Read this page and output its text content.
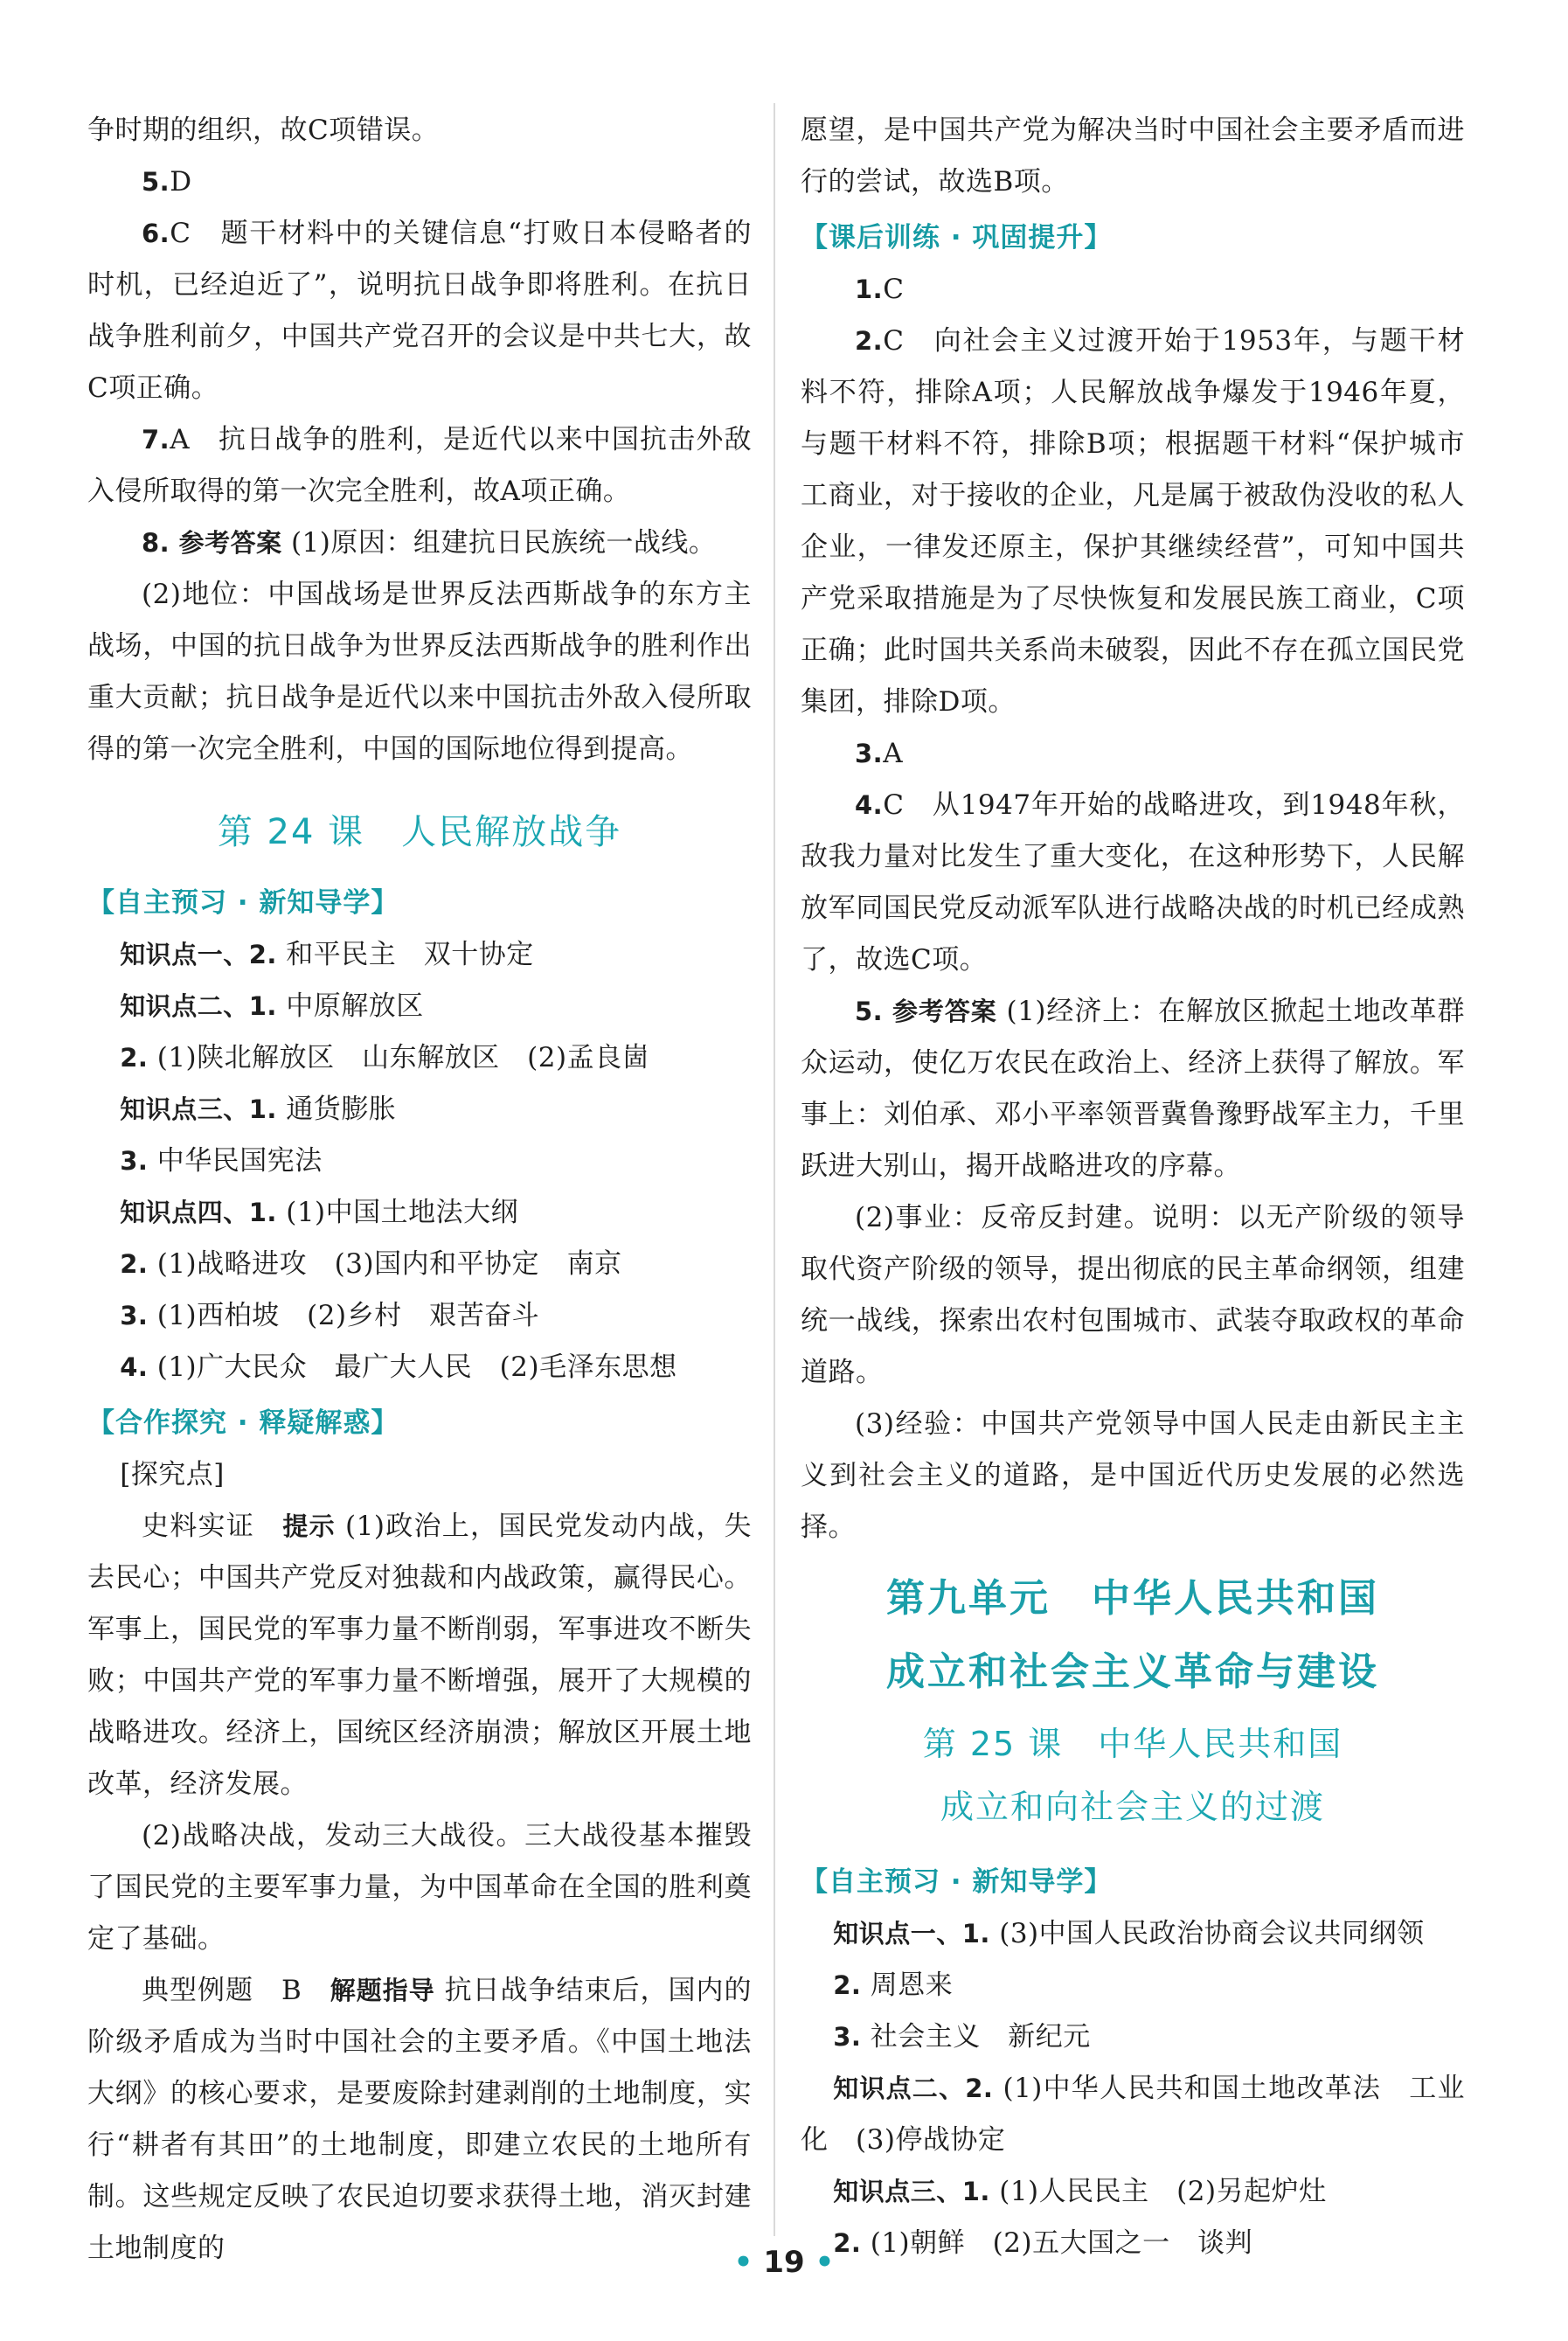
争时期的组织，故C项错误。

5.D

6.C　题干材料中的关键信息“打败日本侵略者的时机，已经迫近了”，说明抗日战争即将胜利。在抗日战争胜利前夕，中国共产党召开的会议是中共七大，故C项正确。

7.A　抗日战争的胜利，是近代以来中国抗击外敌入侵所取得的第一次完全胜利，故A项正确。

8. 参考答案 (1)原因：组建抗日民族统一战线。

(2)地位：中国战场是世界反法西斯战争的东方主战场，中国的抗日战争为世界反法西斯战争的胜利作出重大贡献；抗日战争是近代以来中国抗击外敌入侵所取得的第一次完全胜利，中国的国际地位得到提高。

第 24 课　人民解放战争
【自主预习 · 新知导学】

知识点一、2. 和平民主　双十协定

知识点二、1. 中原解放区

2. (1)陕北解放区　山东解放区　(2)孟良崮

知识点三、1. 通货膨胀

3. 中华民国宪法

知识点四、1. (1)中国土地法大纲

2. (1)战略进攻　(3)国内和平协定　南京

3. (1)西柏坡　(2)乡村　艰苦奋斗

4. (1)广大民众　最广大人民　(2)毛泽东思想

【合作探究 · 释疑解惑】

[探究点]

史料实证　提示 (1)政治上，国民党发动内战，失去民心；中国共产党反对独裁和内战政策，赢得民心。军事上，国民党的军事力量不断削弱，军事进攻不断失败；中国共产党的军事力量不断增强，展开了大规模的战略进攻。经济上，国统区经济崩溃；解放区开展土地改革，经济发展。

(2)战略决战，发动三大战役。三大战役基本摧毁了国民党的主要军事力量，为中国革命在全国的胜利奠定了基础。

典型例题　B　解题指导 抗日战争结束后，国内的阶级矛盾成为当时中国社会的主要矛盾。《中国土地法大纲》的核心要求，是要废除封建剥削的土地制度，实行“耕者有其田”的土地制度，即建立农民的土地所有制。这些规定反映了农民迫切要求获得土地，消灭封建土地制度的

愿望，是中国共产党为解决当时中国社会主要矛盾而进行的尝试，故选B项。

【课后训练 · 巩固提升】

1.C

2.C　向社会主义过渡开始于1953年，与题干材料不符，排除A项；人民解放战争爆发于1946年夏，与题干材料不符，排除B项；根据题干材料“保护城市工商业，对于接收的企业，凡是属于被敌伪没收的私人企业，一律发还原主，保护其继续经营”，可知中国共产党采取措施是为了尽快恢复和发展民族工商业，C项正确；此时国共关系尚未破裂，因此不存在孤立国民党集团，排除D项。

3.A

4.C　从1947年开始的战略进攻，到1948年秋，敌我力量对比发生了重大变化，在这种形势下，人民解放军同国民党反动派军队进行战略决战的时机已经成熟了，故选C项。

5. 参考答案 (1)经济上：在解放区掀起土地改革群众运动，使亿万农民在政治上、经济上获得了解放。军事上：刘伯承、邓小平率领晋冀鲁豫野战军主力，千里跃进大别山，揭开战略进攻的序幕。

(2)事业：反帝反封建。说明：以无产阶级的领导取代资产阶级的领导，提出彻底的民主革命纲领，组建统一战线，探索出农村包围城市、武装夺取政权的革命道路。

(3)经验：中国共产党领导中国人民走由新民主主义到社会主义的道路，是中国近代历史发展的必然选择。

第九单元　中华人民共和国
成立和社会主义革命与建设
第 25 课　中华人民共和国
成立和向社会主义的过渡
【自主预习 · 新知导学】

知识点一、1. (3)中国人民政治协商会议共同纲领

2. 周恩来

3. 社会主义　新纪元

知识点二、2. (1)中华人民共和国土地改革法　工业化　(3)停战协定

知识点三、1. (1)人民民主　(2)另起炉灶

2. (1)朝鲜　(2)五大国之一　谈判

• 19 •
